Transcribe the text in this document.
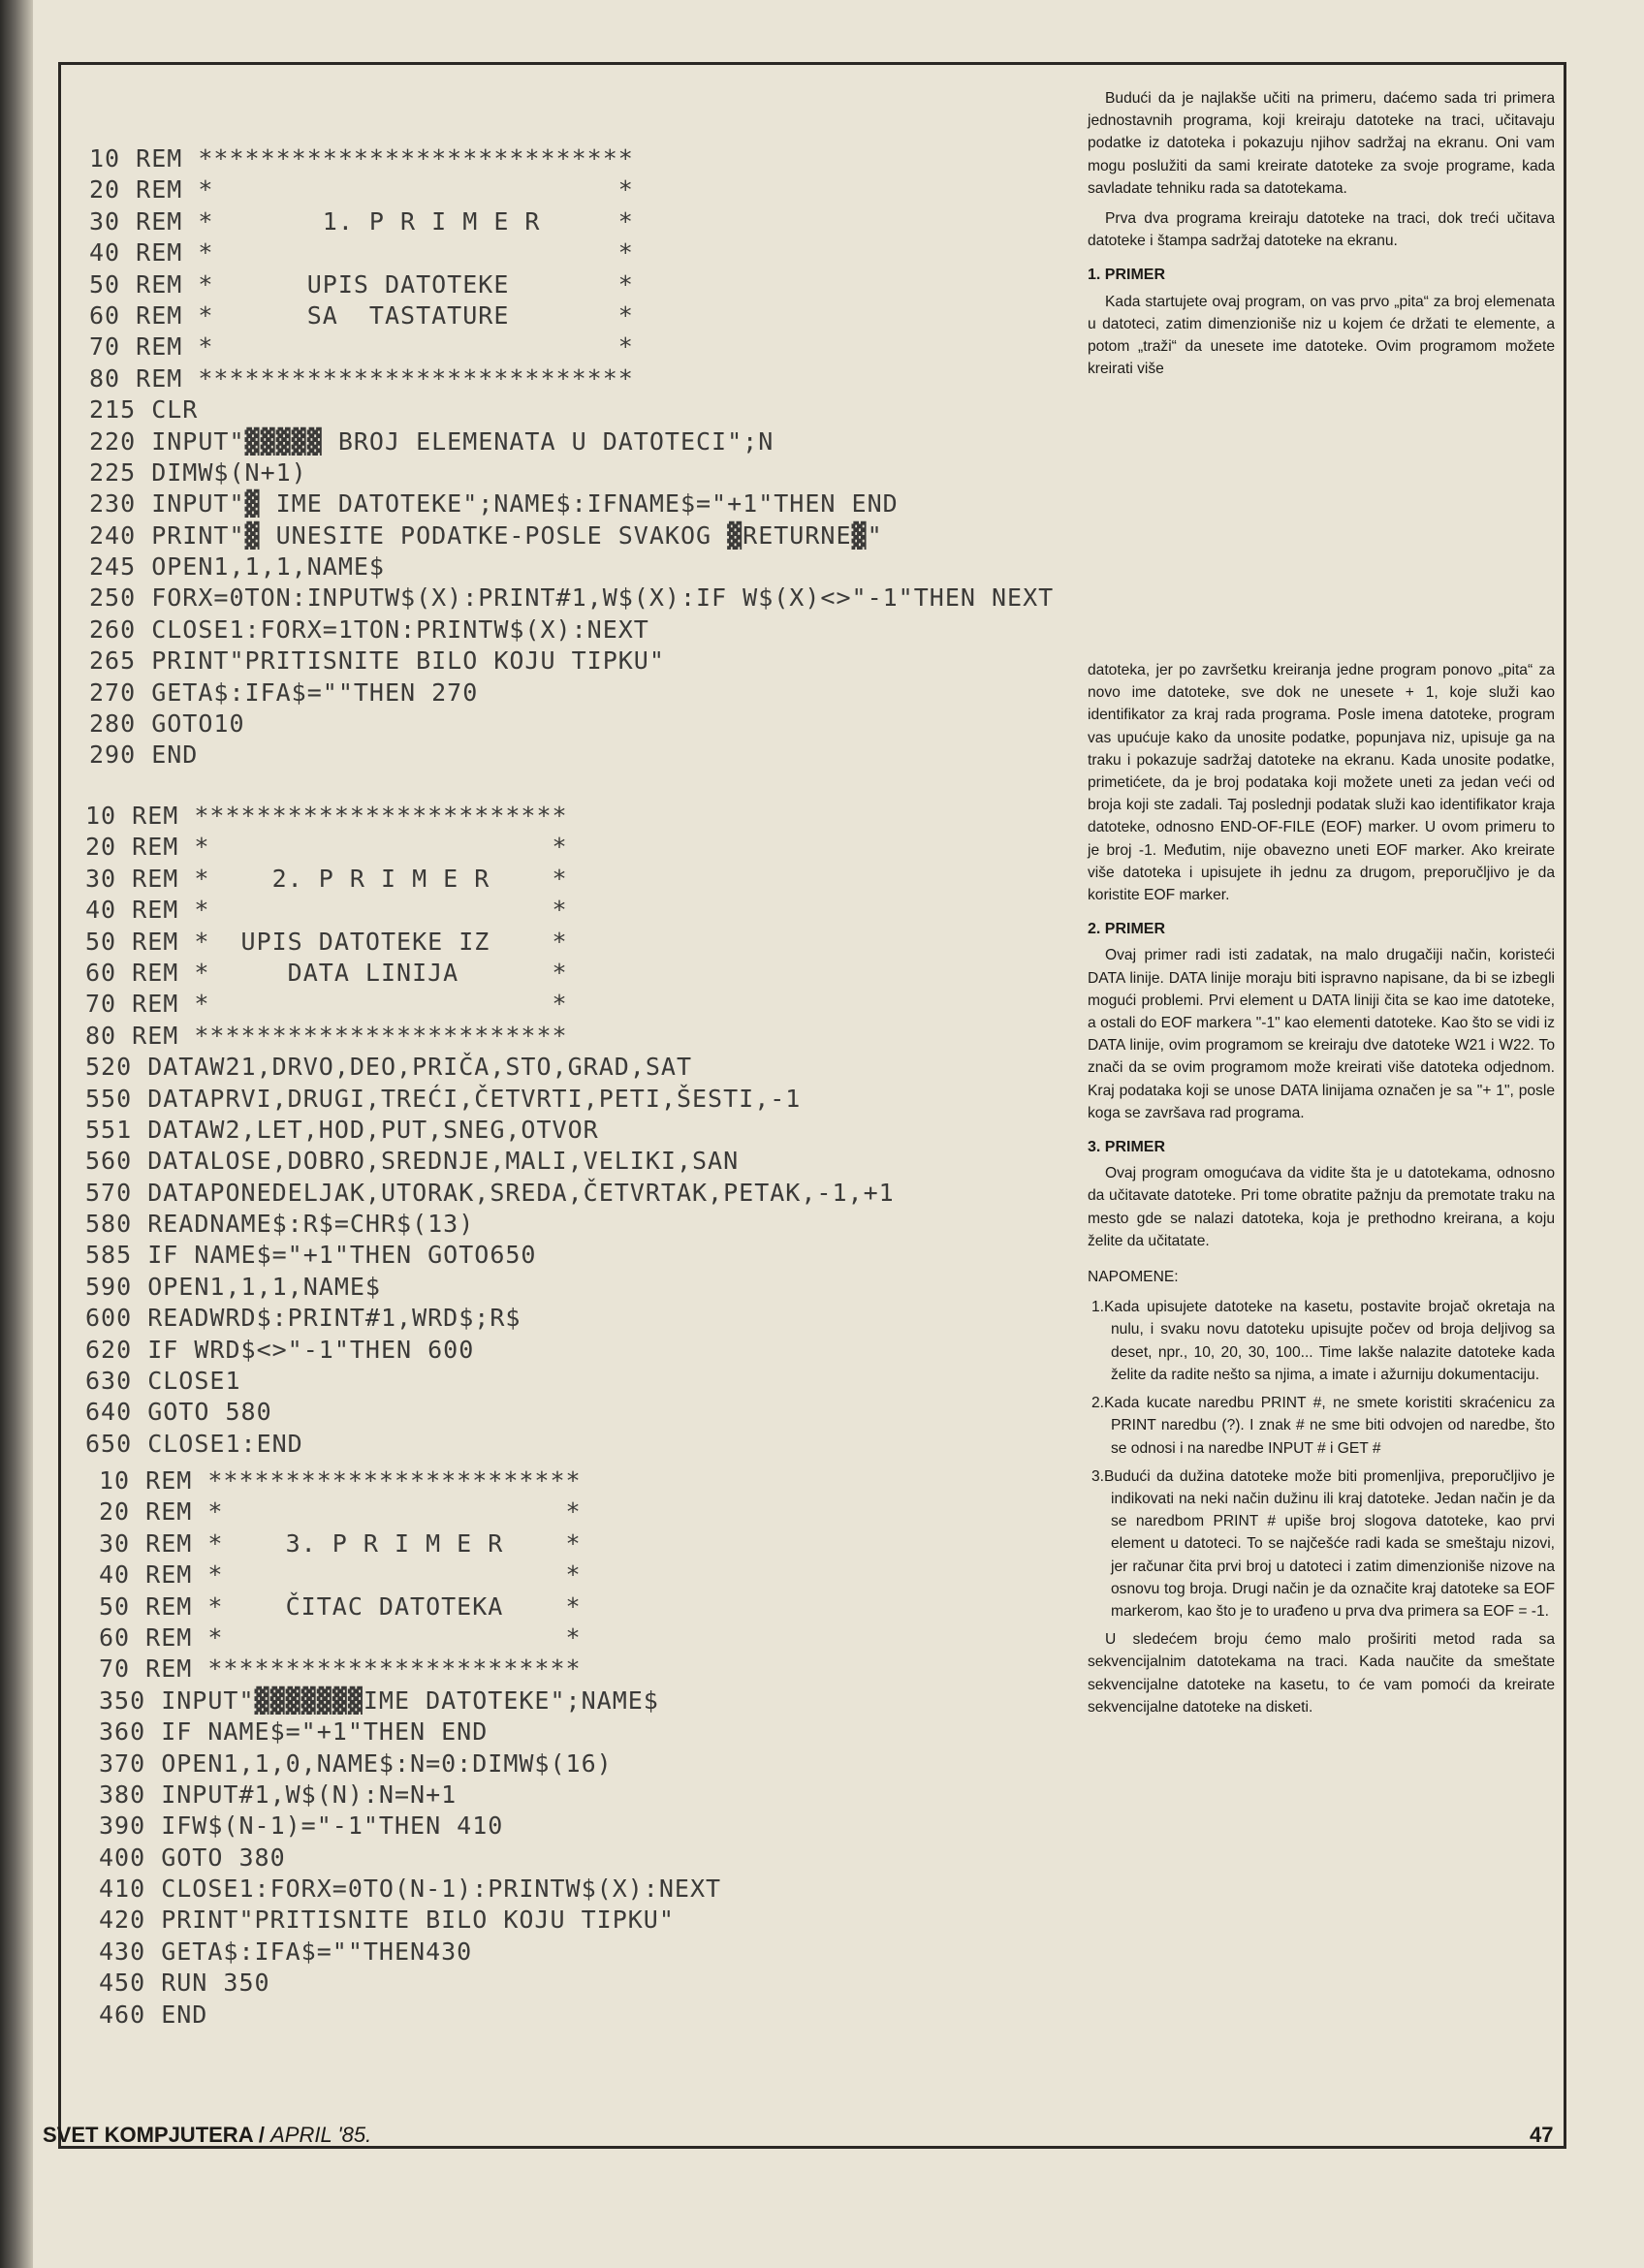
10 REM ****************************
20 REM *                          *
30 REM *       1. P R I M E R     *
40 REM *                          *
50 REM *      UPIS DATOTEKE       *
60 REM *      SA  TASTATURE       *
70 REM *                          *
80 REM ****************************
215 CLR
220 INPUT"▓▓▓▓▓ BROJ ELEMENATA U DATOTECI";N
225 DIMW$(N+1)
230 INPUT"▓ IME DATOTEKE";NAME$:IFNAME$="+1"THEN END
240 PRINT"▓ UNESITE PODATKE-POSLE SVAKOG ▓RETURNE▓"
245 OPEN1,1,1,NAME$
250 FORX=0TON:INPUTW$(X):PRINT#1,W$(X):IF W$(X)<>"-1"THEN NEXT
260 CLOSE1:FORX=1TON:PRINTW$(X):NEXT
265 PRINT"PRITISNITE BILO KOJU TIPKU"
270 GETA$:IFA$=""THEN 270
280 GOTO10
290 END
10 REM ************************
20 REM *                      *
30 REM *    2. P R I M E R    *
40 REM *                      *
50 REM *  UPIS DATOTEKE IZ    *
60 REM *     DATA LINIJA      *
70 REM *                      *
80 REM ************************
520 DATAW21,DRVO,DEO,PRIČA,STO,GRAD,SAT
550 DATAPRVI,DRUGI,TREĆI,ČETVRTI,PETI,ŠESTI,-1
551 DATAW2,LET,HOD,PUT,SNEG,OTVOR
560 DATALOSE,DOBRO,SREDNJE,MALI,VELIKI,SAN
570 DATAPONEDELJAK,UTORAK,SREDA,ČETVRTAK,PETAK,-1,+1
580 READNAME$:R$=CHR$(13)
585 IF NAME$="+1"THEN GOTO650
590 OPEN1,1,1,NAME$
600 READWRD$:PRINT#1,WRD$;R$
620 IF WRD$<>"-1"THEN 600
630 CLOSE1
640 GOTO 580
650 CLOSE1:END
10 REM ************************
20 REM *                      *
30 REM *    3. P R I M E R    *
40 REM *                      *
50 REM *    ČITAC DATOTEKA    *
60 REM *                      *
70 REM ************************
350 INPUT"▓▓▓▓▓▓▓IME DATOTEKE";NAME$
360 IF NAME$="+1"THEN END
370 OPEN1,1,0,NAME$:N=0:DIMW$(16)
380 INPUT#1,W$(N):N=N+1
390 IFW$(N-1)="-1"THEN 410
400 GOTO 380
410 CLOSE1:FORX=0TO(N-1):PRINTW$(X):NEXT
420 PRINT"PRITISNITE BILO KOJU TIPKU"
430 GETA$:IFA$=""THEN430
450 RUN 350
460 END

Budući da je najlakše učiti na primeru, daćemo sada tri primera jednostavnih programa, koji kreiraju datoteke na traci, učitavaju podatke iz datoteka i pokazuju njihov sadržaj na ekranu. Oni vam mogu poslužiti da sami kreirate datoteke za svoje programe, kada savladate tehniku rada sa datotekama.

Prva dva programa kreiraju datoteke na traci, dok treći učitava datoteke i štampa sadržaj datoteke na ekranu.

1. PRIMER

Kada startujete ovaj program, on vas prvo „pita“ za broj elemenata u datoteci, zatim dimenzioniše niz u kojem će držati te elemente, a potom „traži“ da unesete ime datoteke. Ovim programom možete kreirati više

datoteka, jer po završetku kreiranja jedne program ponovo „pita“ za novo ime datoteke, sve dok ne unesete + 1, koje služi kao identifikator za kraj rada programa. Posle imena datoteke, program vas upućuje kako da unosite podatke, popunjava niz, upisuje ga na traku i pokazuje sadržaj datoteke na ekranu. Kada unosite podatke, primetićete, da je broj podataka koji možete uneti za jedan veći od broja koji ste zadali. Taj poslednji podatak služi kao identifikator kraja datoteke, odnosno END-OF-FILE (EOF) marker. U ovom primeru to je broj -1. Međutim, nije obavezno uneti EOF marker. Ako kreirate više datoteka i upisujete ih jednu za drugom, preporučljivo je da koristite EOF marker.

2. PRIMER

Ovaj primer radi isti zadatak, na malo drugačiji način, koristeći DATA linije. DATA linije moraju biti ispravno napisane, da bi se izbegli mogući problemi. Prvi element u DATA liniji čita se kao ime datoteke, a ostali do EOF markera "-1" kao elementi datoteke. Kao što se vidi iz DATA linije, ovim programom se kreiraju dve datoteke W21 i W22. To znači da se ovim programom može kreirati više datoteka odjednom. Kraj podataka koji se unose DATA linijama označen je sa "+ 1", posle koga se završava rad programa.

3. PRIMER

Ovaj program omogućava da vidite šta je u datotekama, odnosno da učitavate datoteke. Pri tome obratite pažnju da premotate traku na mesto gde se nalazi datoteka, koja je prethodno kreirana, a koju želite da učitatate.

NAPOMENE:

1.Kada upisujete datoteke na kasetu, postavite brojač okretaja na nulu, i svaku novu datoteku upisujte počev od broja deljivog sa deset, npr., 10, 20, 30, 100... Time lakše nalazite datoteke kada želite da radite nešto sa njima, a imate i ažurniju dokumentaciju.
2.Kada kucate naredbu PRINT #, ne smete koristiti skraćenicu za PRINT naredbu (?). I znak # ne sme biti odvojen od naredbe, što se odnosi i na naredbe INPUT # i GET #
3.Budući da dužina datoteke može biti promenljiva, preporučljivo je indikovati na neki način dužinu ili kraj datoteke. Jedan način je da se naredbom PRINT # upiše broj slogova datoteke, kao prvi element u datoteci. To se najčešće radi kada se smeštaju nizovi, jer računar čita prvi broj u datoteci i zatim dimenzioniše nizove na osnovu tog broja. Drugi način je da označite kraj datoteke sa EOF markerom, kao što je to urađeno u prva dva primera sa EOF = -1.

U sledećem broju ćemo malo proširiti metod rada sa sekvencijalnim datotekama na traci. Kada naučite da smeštate sekvencijalne datoteke na kasetu, to će vam pomoći da kreirate sekvencijalne datoteke na disketi.

SVET KOMPJUTERA / APRIL '85.	47
